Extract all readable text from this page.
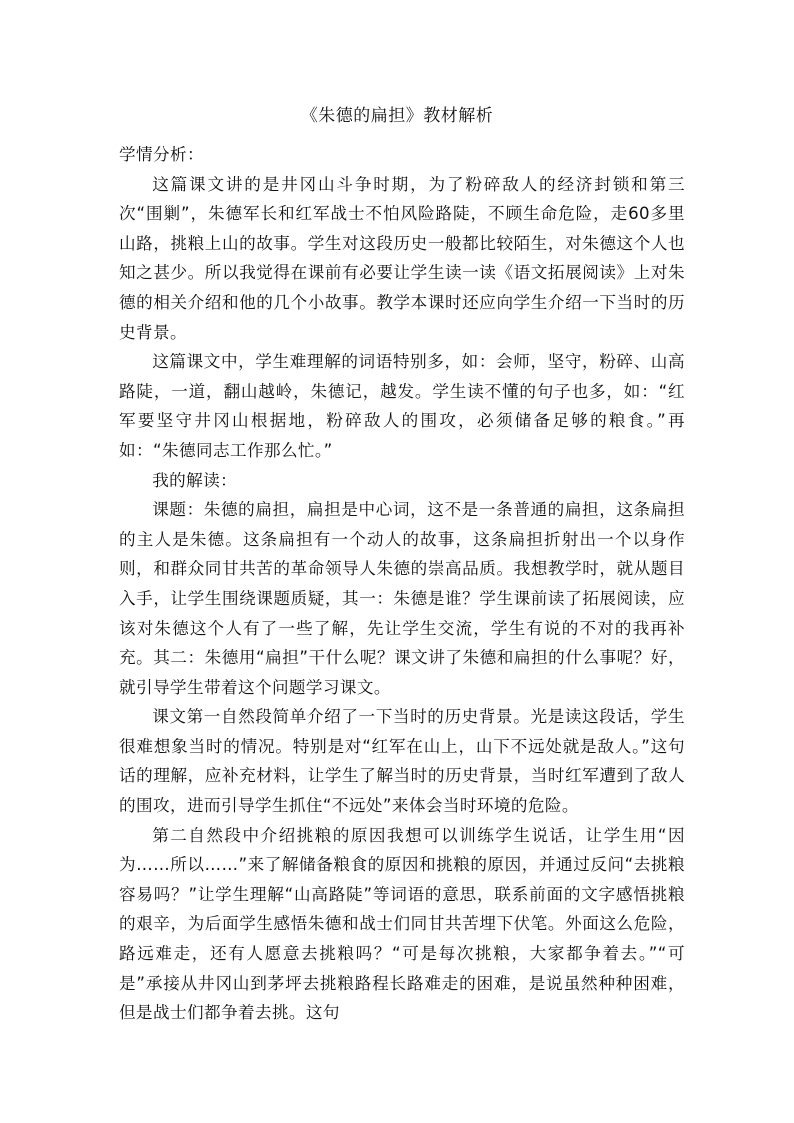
《朱德的扁担》教材解析

学情分析：

这篇课文讲的是井冈山斗争时期，为了粉碎敌人的经济封锁和第三次“围剿”，朱德军长和红军战士不怕风险路陡，不顾生命危险，走60多里山路，挑粮上山的故事。学生对这段历史一般都比较陌生，对朱德这个人也知之甚少。所以我觉得在课前有必要让学生读一读《语文拓展阅读》上对朱德的相关介绍和他的几个小故事。教学本课时还应向学生介绍一下当时的历史背景。

这篇课文中，学生难理解的词语特别多，如：会师，坚守，粉碎、山高路陡，一道，翻山越岭，朱德记，越发。学生读不懂的句子也多，如：“红军要坚守井冈山根据地，粉碎敌人的围攻，必须储备足够的粮食。”再如：“朱德同志工作那么忙。”

我的解读：

课题：朱德的扁担，扁担是中心词，这不是一条普通的扁担，这条扁担的主人是朱德。这条扁担有一个动人的故事，这条扁担折射出一个以身作则，和群众同甘共苦的革命领导人朱德的崇高品质。我想教学时，就从题目入手，让学生围绕课题质疑，其一：朱德是谁？学生课前读了拓展阅读，应该对朱德这个人有了一些了解，先让学生交流，学生有说的不对的我再补充。其二：朱德用“扁担”干什么呢？课文讲了朱德和扁担的什么事呢？好，就引导学生带着这个问题学习课文。

课文第一自然段简单介绍了一下当时的历史背景。光是读这段话，学生很难想象当时的情况。特别是对“红军在山上，山下不远处就是敌人。”这句话的理解，应补充材料，让学生了解当时的历史背景，当时红军遭到了敌人的围攻，进而引导学生抓住“不远处”来体会当时环境的危险。

第二自然段中介绍挑粮的原因我想可以训练学生说话，让学生用“因为……所以……”来了解储备粮食的原因和挑粮的原因，并通过反问“去挑粮容易吗？”让学生理解“山高路陡”等词语的意思，联系前面的文字感悟挑粮的艰辛，为后面学生感悟朱德和战士们同甘共苦埋下伏笔。外面这么危险，路远难走，还有人愿意去挑粮吗？“可是每次挑粮，大家都争着去。”“可是”承接从井冈山到茅坪去挑粮路程长路难走的困难，是说虽然种种困难，但是战士们都争着去挑。这句
